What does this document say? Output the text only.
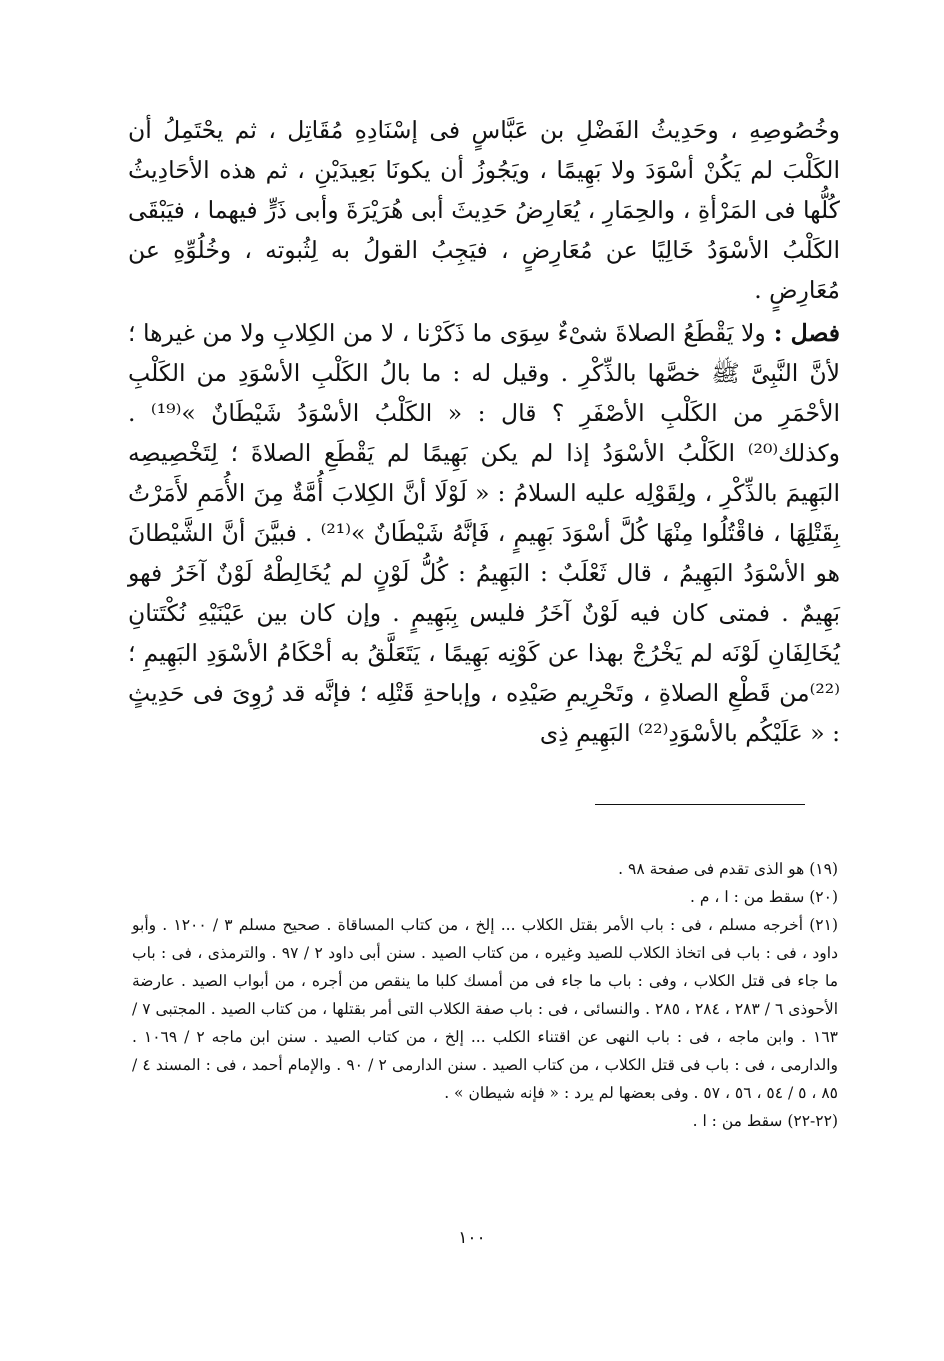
وخُصُوصِهِ ، وحَدِيثُ الفَضْلِ بن عَبَّاسٍ فى إسْنَادِهِ مُقَاتِل ، ثم يحْتَمِلُ أن الكَلْبَ لم يَكُنْ أسْوَدَ ولا بَهِيمًا ، ويَجُوزُ أن يكونَا بَعِيدَيْنِ ، ثم هذه الأحَادِيثُ كُلُّها فى المَرْأةِ ، والحِمَارِ ، يُعَارِضُ حَدِيثَ أبى هُرَيْرَةَ وأبى ذَرٍّ فيهما ، فيَبْقَى الكَلْبُ الأسْوَدُ خَالِيًا عن مُعَارِضٍ ، فيَجِبُ القولُ به لِثُبوته ، وخُلُوِّهِ عن مُعَارِضٍ .

فصل :ولا يَقْطَعُ الصلاةَ شىْءٌ سِوَى ما ذَكَرْنا ، لا من الكِلابِ ولا من غيرها ؛ لأنَّ النَّبِىَّ ﷺ خصَّها بالذِّكْرِ . وقيل له : ما بالُ الكَلْبِ الأسْوَدِ من الكَلْبِ الأحْمَرِ من الكَلْبِ الأصْفَرِ ؟ قال : « الكَلْبُ الأسْوَدُ شَيْطَانٌ »⁽¹⁹⁾ . وكذلك⁽²⁰⁾ الكَلْبُ الأسْوَدُ إذا لم يكن بَهِيمًا لم يَقْطَعِ الصلاةَ ؛ لِتَخْصِيصِه البَهِيمَ بالذِّكْرِ ، ولِقَوْلِه عليه السلامُ : « لَوْلَا أنَّ الكِلابَ أُمَّةٌ مِنَ الأُمَمِ لأَمَرْتُ بِقَتْلِهَا ، فاقْتُلُوا مِنْهَا كُلَّ أسْوَدَ بَهِيمٍ ، فَإنَّهُ شَيْطَانٌ »⁽²¹⁾ . فبيَّنَ أنَّ الشَّيْطانَ هو الأسْوَدُ البَهِيمُ ، قال ثَعْلَبٌ : البَهِيمُ : كُلُّ لَوْنٍ لم يُخَالِطْهُ لَوْنٌ آخَرُ فهو بَهِيمٌ . فمتى كان فيه لَوْنٌ آخَرُ فليس بِبَهِيمٍ . وإن كان بين عَيْنَيْهِ نُكْتَتانِ يُخَالِفَانِ لَوْنَه لم يَخْرُجْ بهذا عن كَوْنِه بَهِيمًا ، يَتَعَلَّقُ به أحْكَامُ الأسْوَدِ البَهِيمِ ؛ ⁽²²⁾من قَطْعِ الصلاةِ ، وتَحْرِيمِ صَيْدِه ، وإباحةِ قَتْلِه ؛ فإنَّه قد رُوِىَ فى حَدِيثٍ : « عَلَيْكُم بالأسْوَدِ⁽²²⁾ البَهِيمِ ذِى

(١٩) هو الذى تقدم فى صفحة ٩٨ .

(٢٠) سقط من : ا ، م .

(٢١) أخرجه مسلم ، فى : باب الأمر بقتل الكلاب ... إلخ ، من كتاب المساقاة . صحيح مسلم ٣ / ١٢٠٠ . وأبو داود ، فى : باب فى اتخاذ الكلاب للصيد وغيره ، من كتاب الصيد . سنن أبى داود ٢ / ٩٧ . والترمذى ، فى : باب ما جاء فى قتل الكلاب ، وفى : باب ما جاء فى من أمسك كلبا ما ينقص من أجره ، من أبواب الصيد . عارضة الأحوذى ٦ / ٢٨٣ ، ٢٨٤ ، ٢٨٥ . والنسائى ، فى : باب صفة الكلاب التى أمر بقتلها ، من كتاب الصيد . المجتبى ٧ / ١٦٣ . وابن ماجه ، فى : باب النهى عن اقتناء الكلب ... إلخ ، من كتاب الصيد . سنن ابن ماجه ٢ / ١٠٦٩ . والدارمى ، فى : باب فى قتل الكلاب ، من كتاب الصيد . سنن الدارمى ٢ / ٩٠ . والإمام أحمد ، فى : المسند ٤ / ٨٥ ، ٥ / ٥٤ ، ٥٦ ، ٥٧ . وفى بعضها لم يرد : « فإنه شيطان » .

(٢٢-٢٢) سقط من : ا .

١٠٠
